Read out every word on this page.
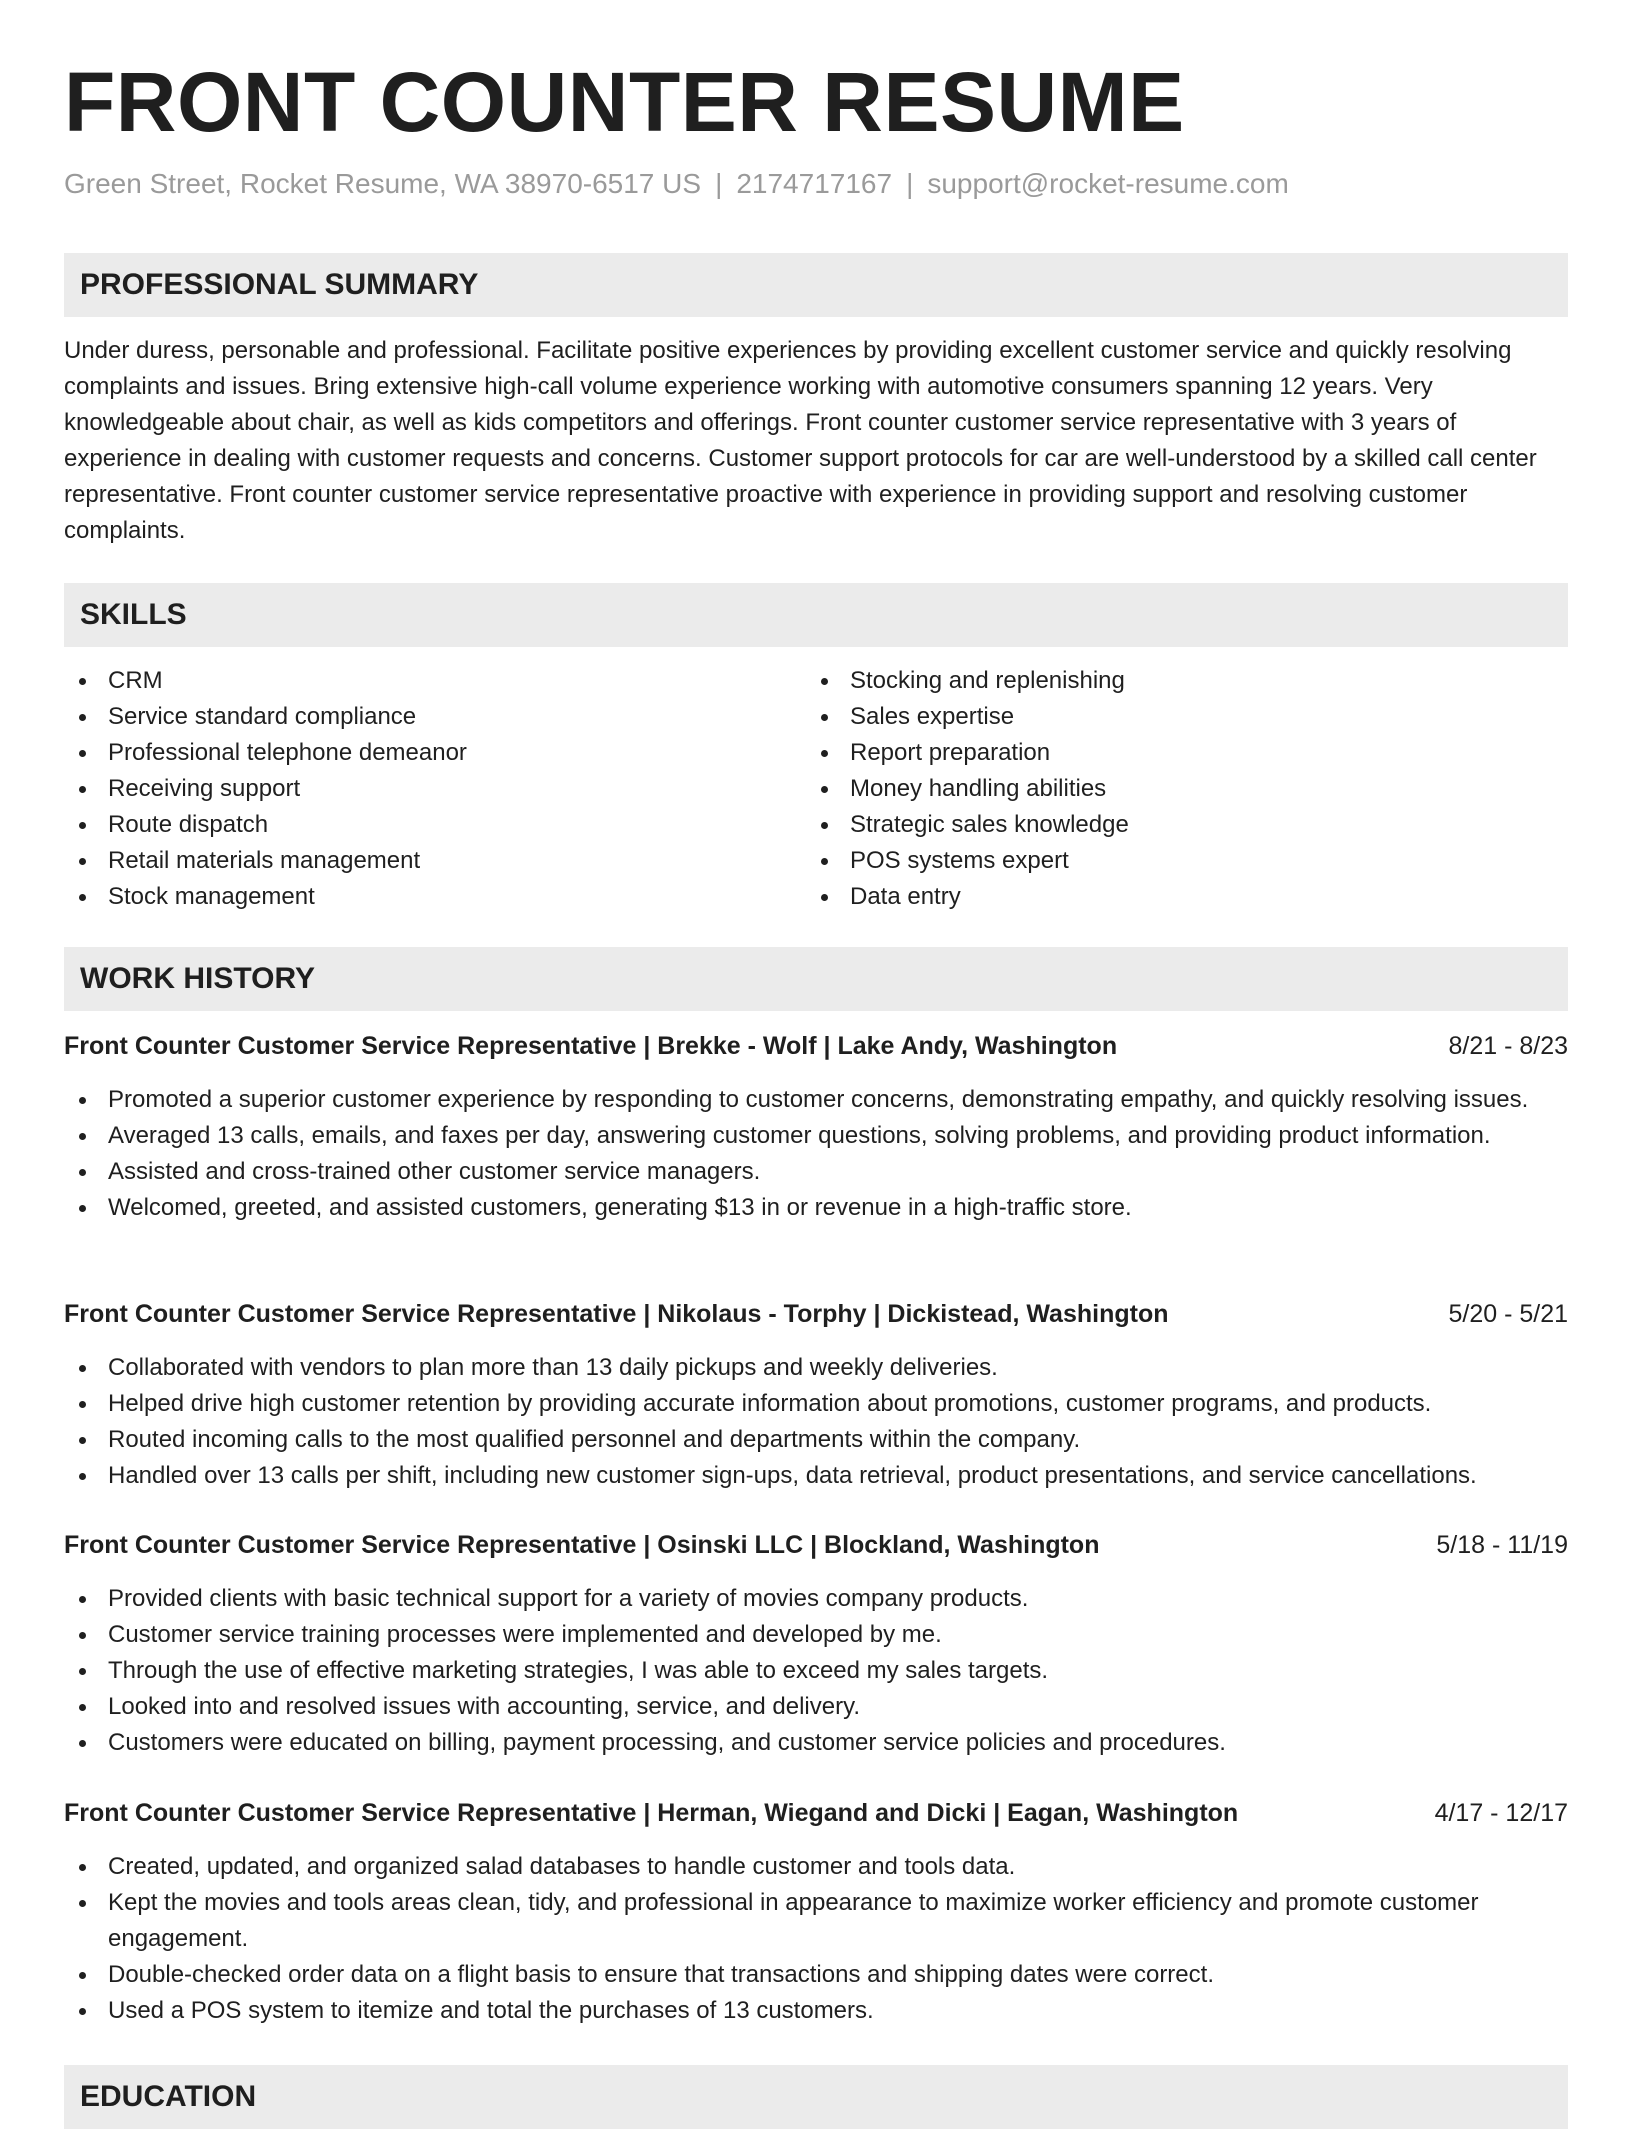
FRONT COUNTER RESUME
Green Street, Rocket Resume, WA 38970-6517 US | 2174717167 | support@rocket-resume.com
PROFESSIONAL SUMMARY

Under duress, personable and professional. Facilitate positive experiences by providing excellent customer service and quickly resolving complaints and issues. Bring extensive high-call volume experience working with automotive consumers spanning 12 years. Very knowledgeable about chair, as well as kids competitors and offerings. Front counter customer service representative with 3 years of experience in dealing with customer requests and concerns. Customer support protocols for car are well-understood by a skilled call center representative. Front counter customer service representative proactive with experience in providing support and resolving customer complaints.

SKILLS
CRM
Service standard compliance
Professional telephone demeanor
Receiving support
Route dispatch
Retail materials management
Stock management
Stocking and replenishing
Sales expertise
Report preparation
Money handling abilities
Strategic sales knowledge
POS systems expert
Data entry
WORK HISTORY
Front Counter Customer Service Representative | Brekke - Wolf | Lake Andy, Washington	8/21 - 8/23
Promoted a superior customer experience by responding to customer concerns, demonstrating empathy, and quickly resolving issues.
Averaged 13 calls, emails, and faxes per day, answering customer questions, solving problems, and providing product information.
Assisted and cross-trained other customer service managers.
Welcomed, greeted, and assisted customers, generating $13 in or revenue in a high-traffic store.
Front Counter Customer Service Representative | Nikolaus - Torphy | Dickistead, Washington	5/20 - 5/21
Collaborated with vendors to plan more than 13 daily pickups and weekly deliveries.
Helped drive high customer retention by providing accurate information about promotions, customer programs, and products.
Routed incoming calls to the most qualified personnel and departments within the company.
Handled over 13 calls per shift, including new customer sign-ups, data retrieval, product presentations, and service cancellations.
Front Counter Customer Service Representative | Osinski LLC | Blockland, Washington	5/18 - 11/19
Provided clients with basic technical support for a variety of movies company products.
Customer service training processes were implemented and developed by me.
Through the use of effective marketing strategies, I was able to exceed my sales targets.
Looked into and resolved issues with accounting, service, and delivery.
Customers were educated on billing, payment processing, and customer service policies and procedures.
Front Counter Customer Service Representative | Herman, Wiegand and Dicki | Eagan, Washington	4/17 - 12/17
Created, updated, and organized salad databases to handle customer and tools data.
Kept the movies and tools areas clean, tidy, and professional in appearance to maximize worker efficiency and promote customer engagement.
Double-checked order data on a flight basis to ensure that transactions and shipping dates were correct.
Used a POS system to itemize and total the purchases of 13 customers.
EDUCATION
